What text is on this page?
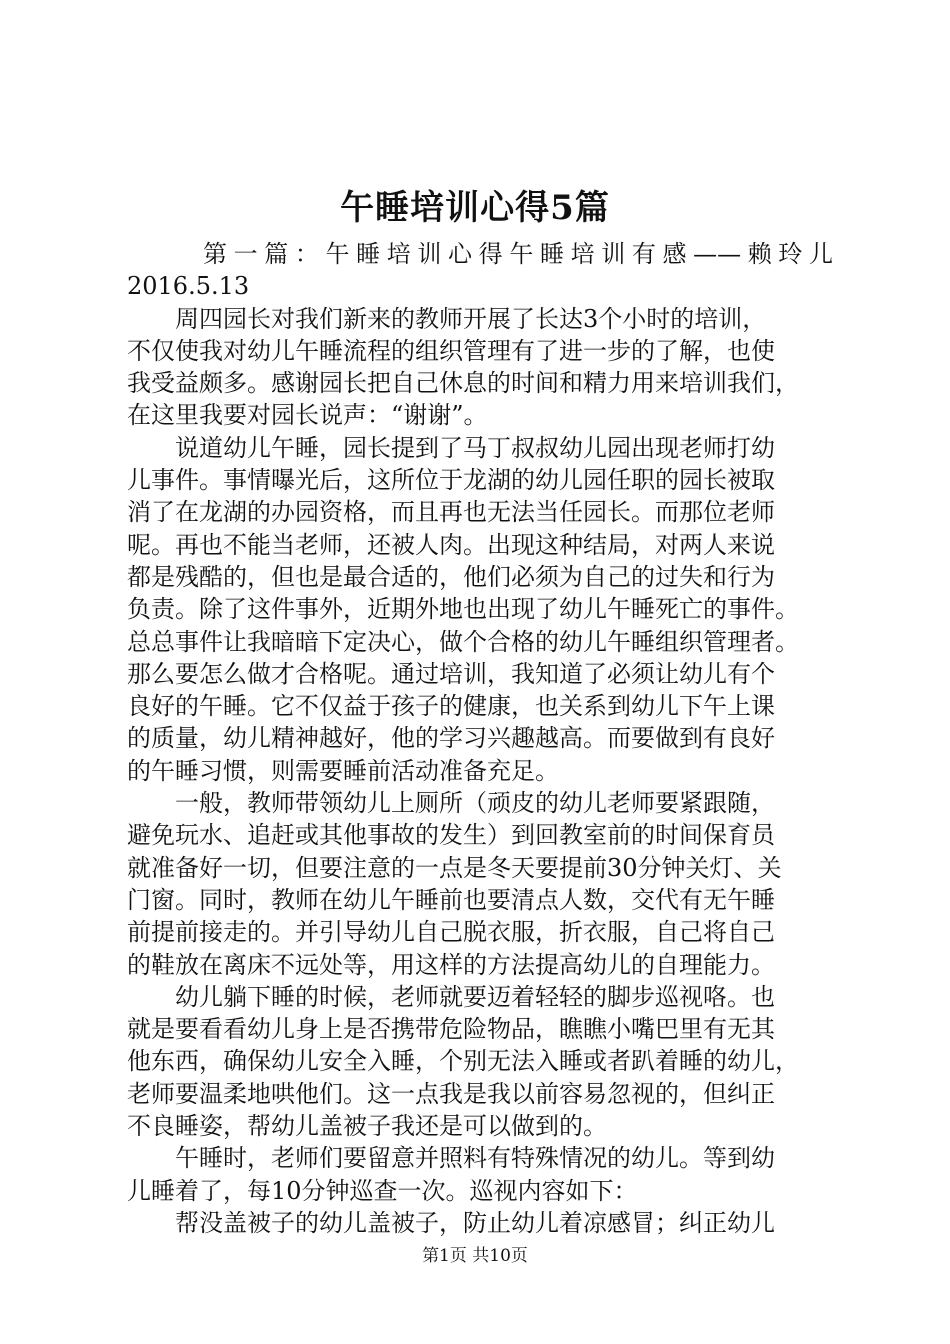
午睡培训心得5篇
第一篇：午睡培训心得午睡培训有感——赖玲儿
2016.5.13
周四园长对我们新来的教师开展了长达3个小时的培训，
不仅使我对幼儿午睡流程的组织管理有了进一步的了解，也使
我受益颇多。感谢园长把自己休息的时间和精力用来培训我们，
在这里我要对园长说声：“谢谢”。
说道幼儿午睡，园长提到了马丁叔叔幼儿园出现老师打幼
儿事件。事情曝光后，这所位于龙湖的幼儿园任职的园长被取
消了在龙湖的办园资格，而且再也无法当任园长。而那位老师
呢。再也不能当老师，还被人肉。出现这种结局，对两人来说
都是残酷的，但也是最合适的，他们必须为自己的过失和行为
负责。除了这件事外，近期外地也出现了幼儿午睡死亡的事件。
总总事件让我暗暗下定决心，做个合格的幼儿午睡组织管理者。
那么要怎么做才合格呢。通过培训，我知道了必须让幼儿有个
良好的午睡。它不仅益于孩子的健康，也关系到幼儿下午上课
的质量，幼儿精神越好，他的学习兴趣越高。而要做到有良好
的午睡习惯，则需要睡前活动准备充足。
一般，教师带领幼儿上厕所（顽皮的幼儿老师要紧跟随，
避免玩水、追赶或其他事故的发生）到回教室前的时间保育员
就准备好一切，但要注意的一点是冬天要提前30分钟关灯、关
门窗。同时，教师在幼儿午睡前也要清点人数，交代有无午睡
前提前接走的。并引导幼儿自己脱衣服，折衣服，自己将自己
的鞋放在离床不远处等，用这样的方法提高幼儿的自理能力。
幼儿躺下睡的时候，老师就要迈着轻轻的脚步巡视咯。也
就是要看看幼儿身上是否携带危险物品，瞧瞧小嘴巴里有无其
他东西，确保幼儿安全入睡，个别无法入睡或者趴着睡的幼儿，
老师要温柔地哄他们。这一点我是我以前容易忽视的，但纠正
不良睡姿，帮幼儿盖被子我还是可以做到的。
午睡时，老师们要留意并照料有特殊情况的幼儿。等到幼
儿睡着了，每10分钟巡查一次。巡视内容如下：
帮没盖被子的幼儿盖被子，防止幼儿着凉感冒；纠正幼儿
第1页 共10页
